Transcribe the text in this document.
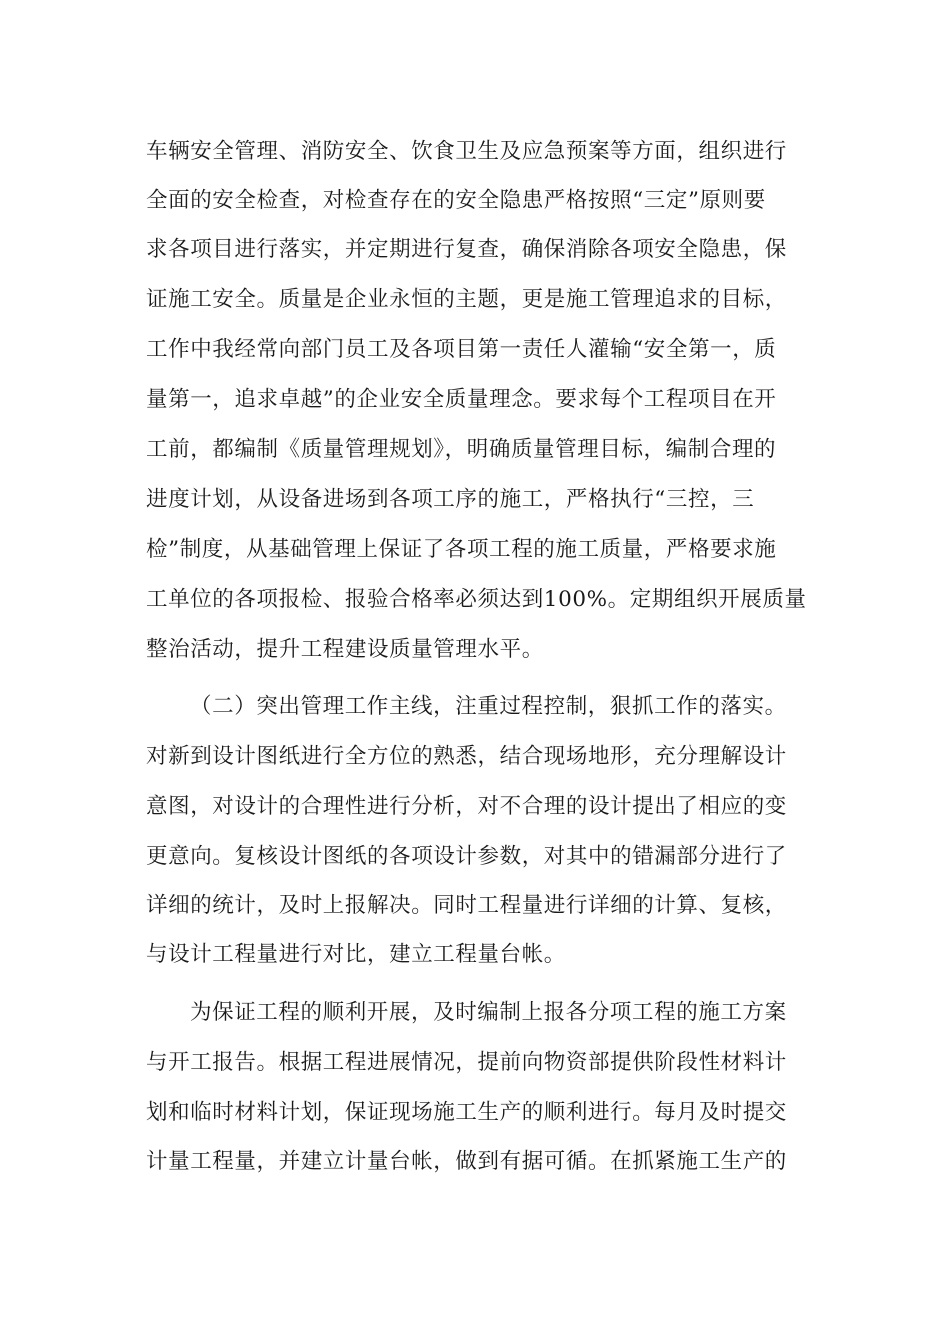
车辆安全管理、消防安全、饮食卫生及应急预案等方面，组织进行
全面的安全检查，对检查存在的安全隐患严格按照“三定”原则要
求各项目进行落实，并定期进行复查，确保消除各项安全隐患，保
证施工安全。质量是企业永恒的主题，更是施工管理追求的目标，
工作中我经常向部门员工及各项目第一责任人灌输“安全第一，质
量第一，追求卓越”的企业安全质量理念。要求每个工程项目在开
工前，都编制《质量管理规划》，明确质量管理目标，编制合理的
进度计划，从设备进场到各项工序的施工，严格执行“三控，三
检”制度，从基础管理上保证了各项工程的施工质量，严格要求施
工单位的各项报检、报验合格率必须达到100%。定期组织开展质量
整治活动，提升工程建设质量管理水平。
（二）突出管理工作主线，注重过程控制，狠抓工作的落实。
对新到设计图纸进行全方位的熟悉，结合现场地形，充分理解设计
意图，对设计的合理性进行分析，对不合理的设计提出了相应的变
更意向。复核设计图纸的各项设计参数，对其中的错漏部分进行了
详细的统计，及时上报解决。同时工程量进行详细的计算、复核，
与设计工程量进行对比，建立工程量台帐。
为保证工程的顺利开展，及时编制上报各分项工程的施工方案
与开工报告。根据工程进展情况，提前向物资部提供阶段性材料计
划和临时材料计划，保证现场施工生产的顺利进行。每月及时提交
计量工程量，并建立计量台帐，做到有据可循。在抓紧施工生产的
